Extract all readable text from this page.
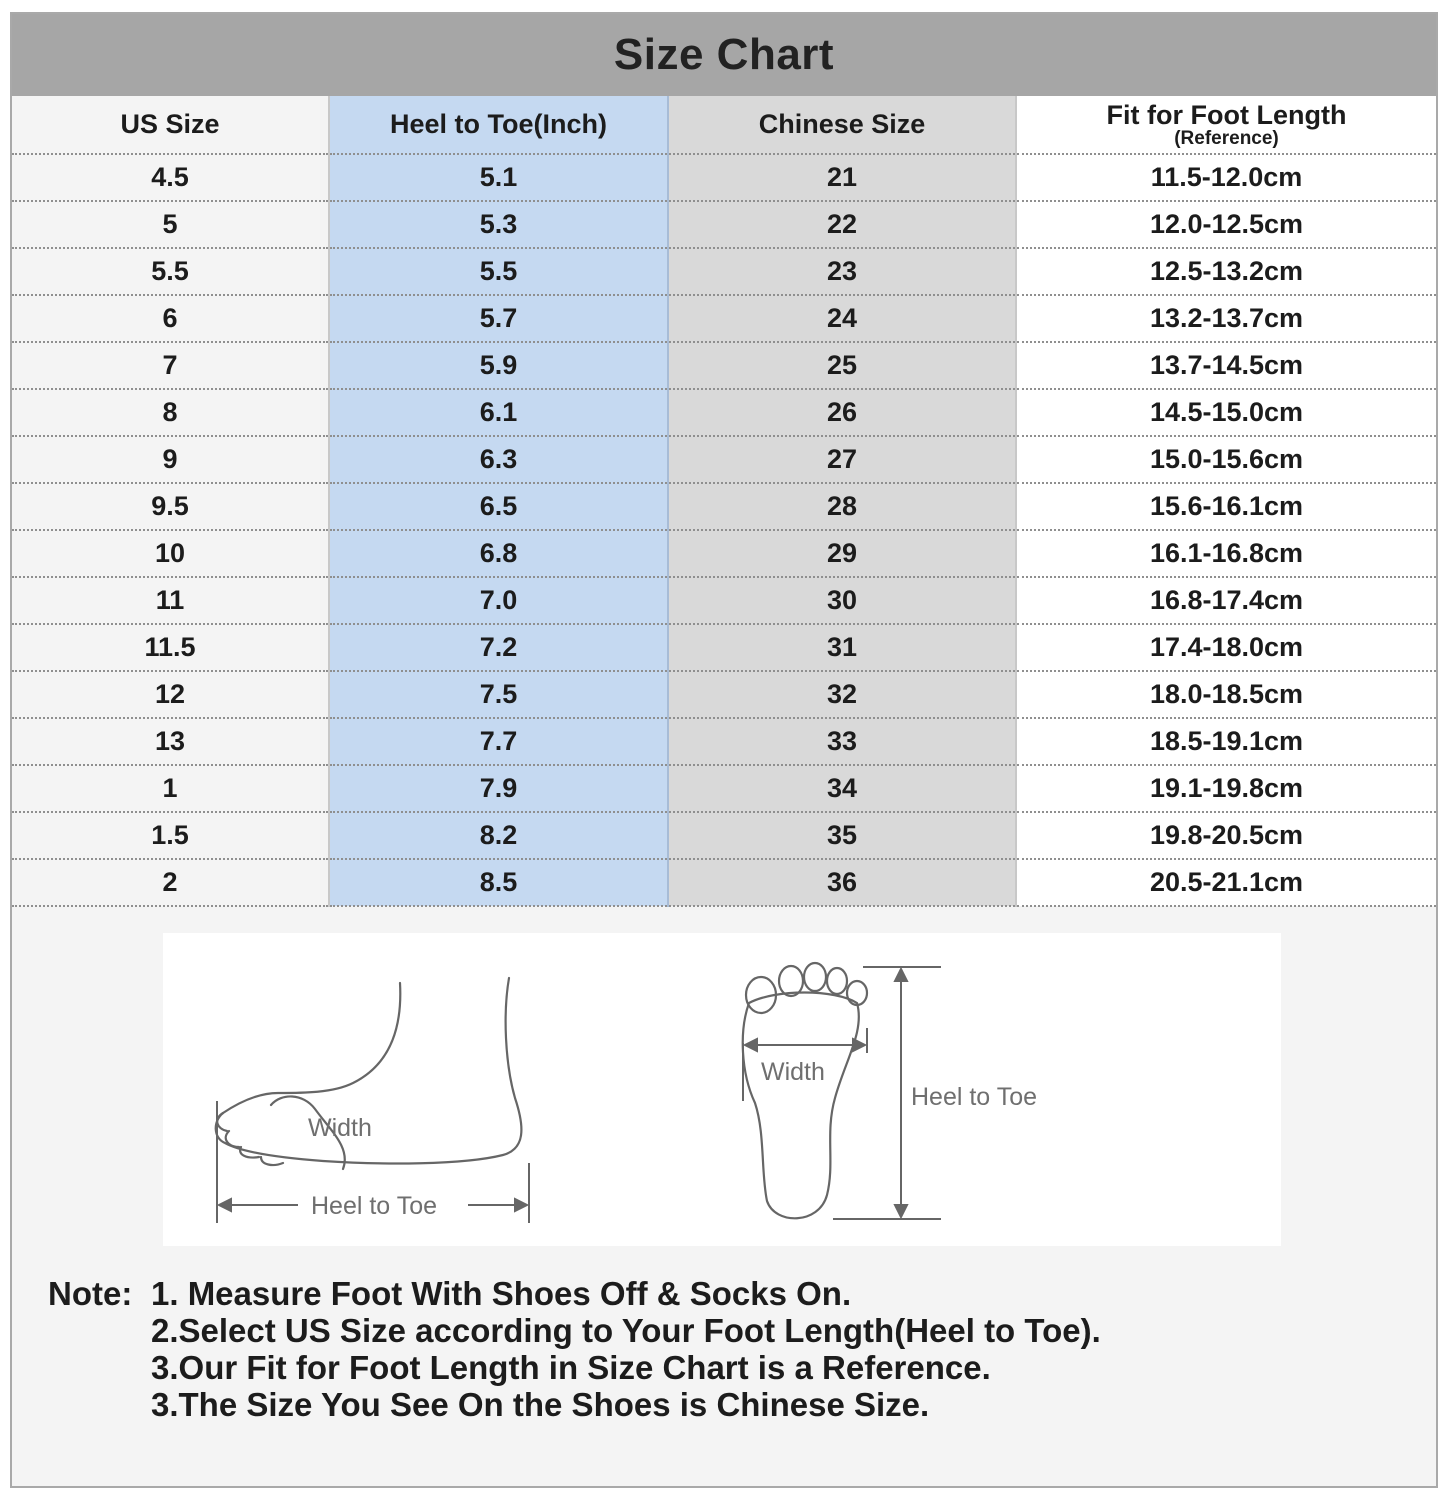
Size Chart
US Size	Heel to Toe(Inch)	Chinese Size	Fit for Foot Length
(Reference)

4.5	5.1	21	11.5-12.0cm
5	5.3	22	12.0-12.5cm
5.5	5.5	23	12.5-13.2cm
6	5.7	24	13.2-13.7cm
7	5.9	25	13.7-14.5cm
8	6.1	26	14.5-15.0cm
9	6.3	27	15.0-15.6cm
9.5	6.5	28	15.6-16.1cm
10	6.8	29	16.1-16.8cm
11	7.0	30	16.8-17.4cm
11.5	7.2	31	17.4-18.0cm
12	7.5	32	18.0-18.5cm
13	7.7	33	18.5-19.1cm
1	7.9	34	19.1-19.8cm
1.5	8.2	35	19.8-20.5cm
2	8.5	36	20.5-21.1cm
Width
Heel to Toe
Width
Heel to Toe
Note: 1. Measure Foot With Shoes Off & Socks On.
2.Select US Size according to Your Foot Length(Heel to Toe).
3.Our Fit for Foot Length in Size Chart is a Reference.
3.The Size You See On the Shoes is Chinese Size.
